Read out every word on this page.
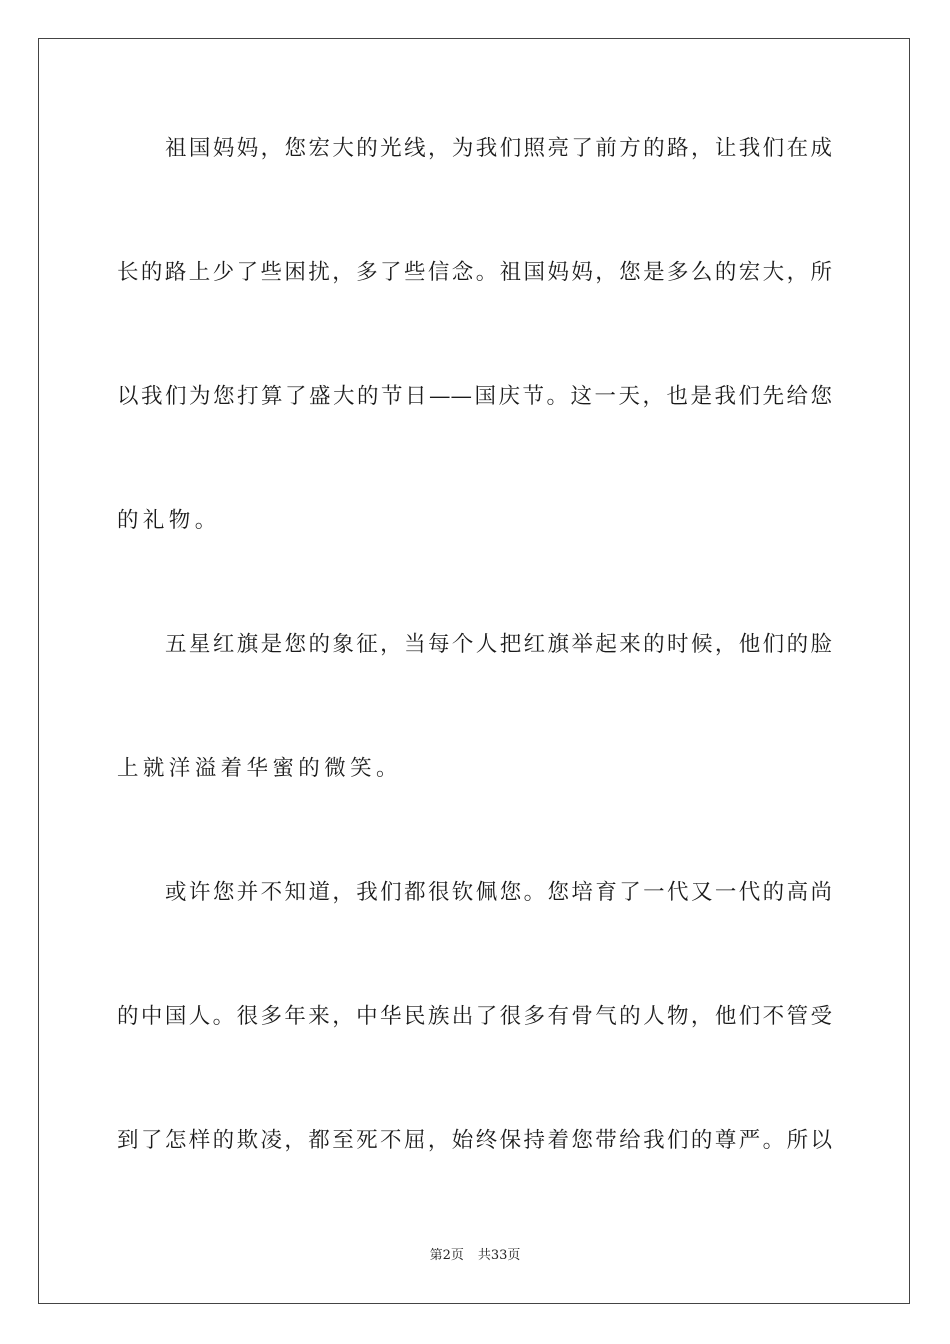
祖国妈妈，您宏大的光线，为我们照亮了前方的路，让我们在成
长的路上少了些困扰，多了些信念。祖国妈妈，您是多么的宏大，所
以我们为您打算了盛大的节日——国庆节。这一天，也是我们先给您
的礼物。
五星红旗是您的象征，当每个人把红旗举起来的时候，他们的脸
上就洋溢着华蜜的微笑。
或许您并不知道，我们都很钦佩您。您培育了一代又一代的高尚
的中国人。很多年来，中华民族出了很多有骨气的人物，他们不管受
到了怎样的欺凌，都至死不屈，始终保持着您带给我们的尊严。所以
第2页 共33页
